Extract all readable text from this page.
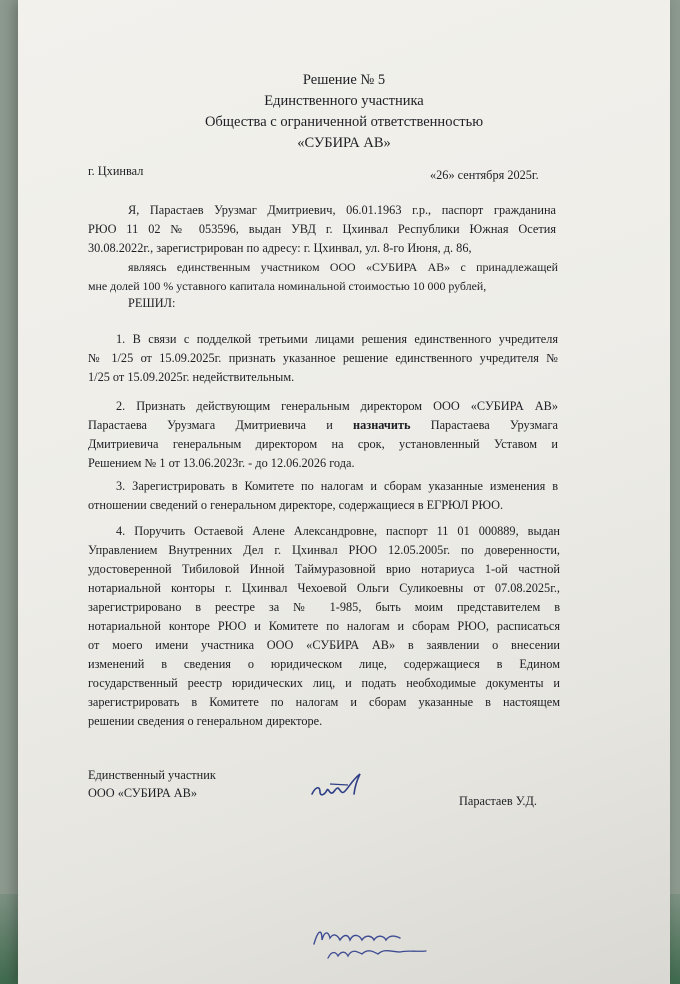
Решение № 5
Единственного участника
Общества с ограниченной ответственностью
«СУБИРА АВ»
г. Цхинвал	«26» сентября 2025г.
Я, Парастаев Урузмаг Дмитриевич, 06.01.1963 г.р., паспорт гражданина
РЮО 11 02 № 053596, выдан УВД г. Цхинвал Республики Южная Осетия
30.08.2022г., зарегистрирован по адресу: г. Цхинвал, ул. 8-го Июня, д. 86,
являясь единственным участником ООО «СУБИРА АВ» с принадлежащей
мне долей 100 % уставного капитала номинальной стоимостью 10 000 рублей,
РЕШИЛ:
1. В связи с подделкой третьими лицами решения единственного учредителя
№ 1/25 от 15.09.2025г. признать указанное решение единственного учредителя №
1/25 от 15.09.2025г. недействительным.
2. Признать действующим генеральным директором ООО «СУБИРА АВ»
Парастаева Урузмага Дмитриевича и назначить Парастаева Урузмага
Дмитриевича генеральным директором на срок, установленный Уставом и
Решением № 1 от 13.06.2023г. - до 12.06.2026 года.
3. Зарегистрировать в Комитете по налогам и сборам указанные изменения в
отношении сведений о генеральном директоре, содержащиеся в ЕГРЮЛ РЮО.
4. Поручить Остаевой Алене Александровне, паспорт 11 01 000889, выдан
Управлением Внутренних Дел г. Цхинвал РЮО 12.05.2005г. по доверенности,
удостоверенной Тибиловой Инной Таймуразовной врио нотариуса 1-ой частной
нотариальной конторы г. Цхинвал Чехоевой Ольги Суликоевны от 07.08.2025г.,
зарегистрировано в реестре за № 1-985, быть моим представителем в
нотариальной конторе РЮО и Комитете по налогам и сборам РЮО, расписаться
от моего имени участника ООО «СУБИРА АВ» в заявлении о внесении
изменений в сведения о юридическом лице, содержащиеся в Едином
государственный реестр юридических лиц, и подать необходимые документы и
зарегистрировать в Комитете по налогам и сборам указанные в настоящем
решении сведения о генеральном директоре.
Единственный участник
ООО «СУБИРА АВ»
Парастаев У.Д.
